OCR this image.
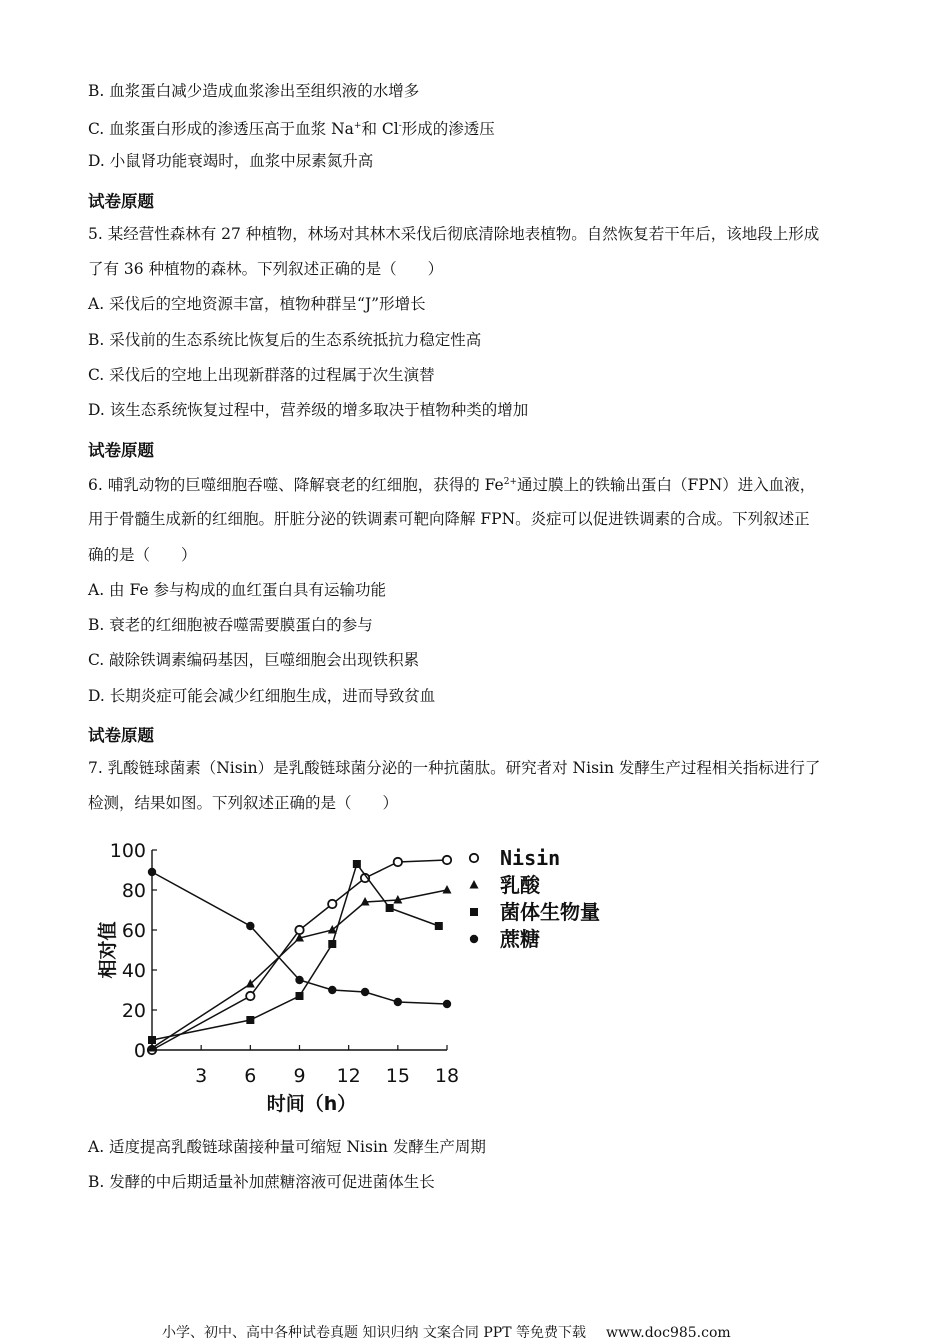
B. 血浆蛋白减少造成血浆渗出至组织液的水增多
C. 血浆蛋白形成的渗透压高于血浆 Na+和 Cl-形成的渗透压
D. 小鼠肾功能衰竭时，血浆中尿素氮升高
试卷原题
5. 某经营性森林有 27 种植物，林场对其林木采伐后彻底清除地表植物。自然恢复若干年后，该地段上形成
了有 36 种植物的森林。下列叙述正确的是（　　）
A. 采伐后的空地资源丰富，植物种群呈“J”形增长
B. 采伐前的生态系统比恢复后的生态系统抵抗力稳定性高
C. 采伐后的空地上出现新群落的过程属于次生演替
D. 该生态系统恢复过程中，营养级的增多取决于植物种类的增加
试卷原题
6. 哺乳动物的巨噬细胞吞噬、降解衰老的红细胞，获得的 $Fe^{2+}$通过膜上的铁输出蛋白（FPN）进入血液，
用于骨髓生成新的红细胞。肝脏分泌的铁调素可靶向降解 FPN。炎症可以促进铁调素的合成。下列叙述正
确的是（　　）
A. 由 Fe 参与构成的血红蛋白具有运输功能
B. 衰老的红细胞被吞噬需要膜蛋白的参与
C. 敲除铁调素编码基因，巨噬细胞会出现铁积累
D. 长期炎症可能会减少红细胞生成，进而导致贫血
试卷原题
7. 乳酸链球菌素（Nisin）是乳酸链球菌分泌的一种抗菌肽。研究者对 Nisin 发酵生产过程相关指标进行了
检测，结果如图。下列叙述正确的是（　　）
0
20
40
60
80
100
3 6 9 12 15 18
时间（h）
相对值
Nisin
乳酸
菌体生物量
蔗糖
A. 适度提高乳酸链球菌接种量可缩短 Nisin 发酵生产周期
B. 发酵的中后期适量补加蔗糖溶液可促进菌体生长
小学、初中、高中各种试卷真题 知识归纳 文案合同 PPT 等免费下载 www.doc985.com
